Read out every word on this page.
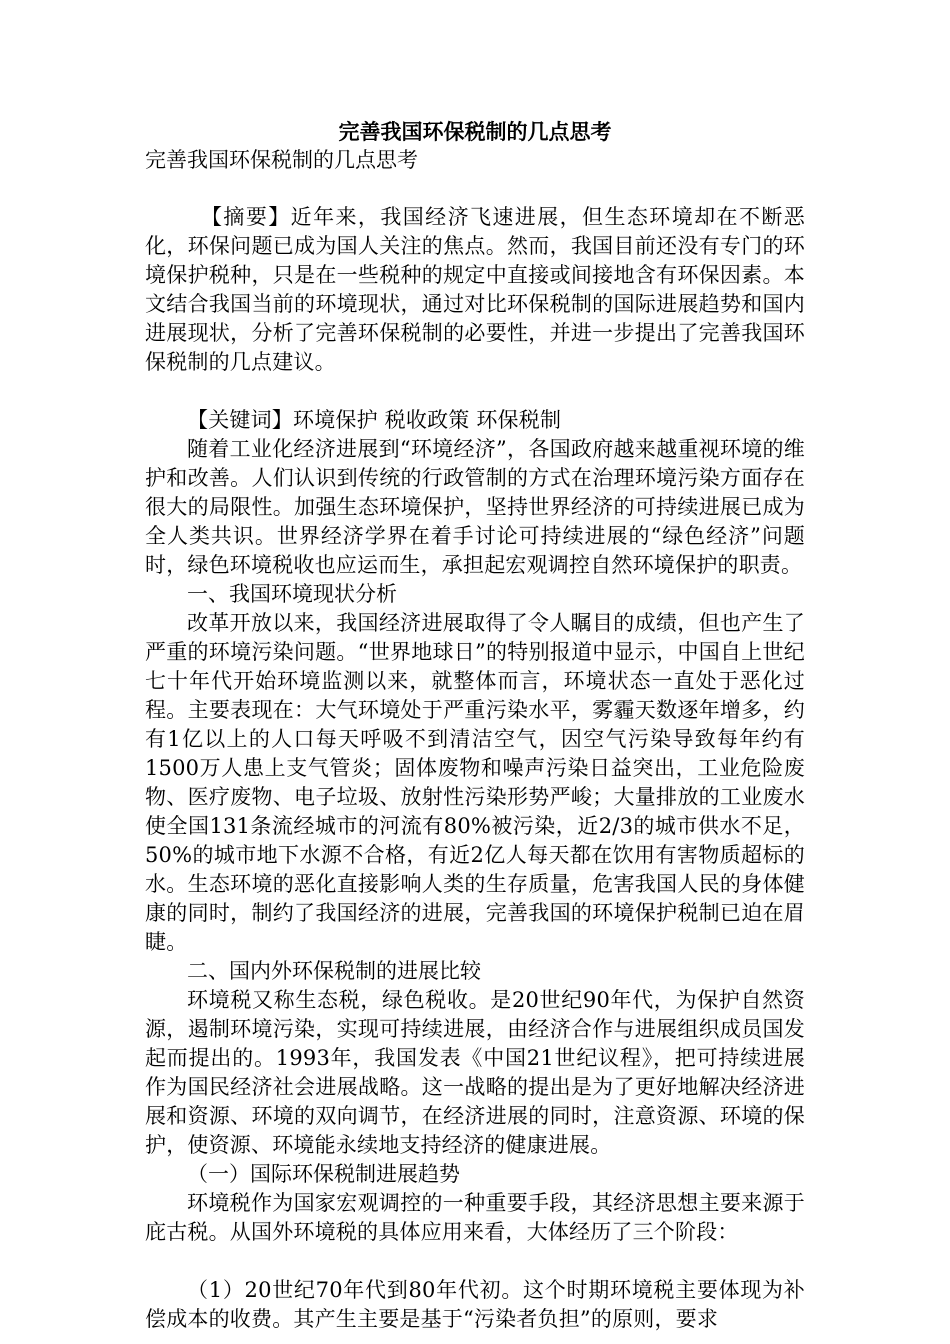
完善我国环保税制的几点思考

完善我国环保税制的几点思考

【摘要】近年来，我国经济飞速进展，但生态环境却在不断恶化，环保问题已成为国人关注的焦点。然而，我国目前还没有专门的环境保护税种，只是在一些税种的规定中直接或间接地含有环保因素。本文结合我国当前的环境现状，通过对比环保税制的国际进展趋势和国内进展现状，分析了完善环保税制的必要性，并进一步提出了完善我国环保税制的几点建议。

【关键词】环境保护 税收政策 环保税制

随着工业化经济进展到“环境经济”，各国政府越来越重视环境的维护和改善。人们认识到传统的行政管制的方式在治理环境污染方面存在很大的局限性。加强生态环境保护，坚持世界经济的可持续进展已成为全人类共识。世界经济学界在着手讨论可持续进展的“绿色经济”问题时，绿色环境税收也应运而生，承担起宏观调控自然环境保护的职责。

一、我国环境现状分析

改革开放以来，我国经济进展取得了令人瞩目的成绩，但也产生了严重的环境污染问题。“世界地球日”的特别报道中显示，中国自上世纪七十年代开始环境监测以来，就整体而言，环境状态一直处于恶化过程。主要表现在：大气环境处于严重污染水平，雾霾天数逐年增多，约有1亿以上的人口每天呼吸不到清洁空气，因空气污染导致每年约有1500万人患上支气管炎；固体废物和噪声污染日益突出，工业危险废物、医疗废物、电子垃圾、放射性污染形势严峻；大量排放的工业废水使全国131条流经城市的河流有80%被污染，近2/3的城市供水不足，50%的城市地下水源不合格，有近2亿人每天都在饮用有害物质超标的水。生态环境的恶化直接影响人类的生存质量，危害我国人民的身体健康的同时，制约了我国经济的进展，完善我国的环境保护税制已迫在眉睫。

二、国内外环保税制的进展比较

环境税又称生态税，绿色税收。是20世纪90年代，为保护自然资源，遏制环境污染，实现可持续进展，由经济合作与进展组织成员国发起而提出的。1993年，我国发表《中国21世纪议程》，把可持续进展作为国民经济社会进展战略。这一战略的提出是为了更好地解决经济进展和资源、环境的双向调节，在经济进展的同时，注意资源、环境的保护，使资源、环境能永续地支持经济的健康进展。

（一）国际环保税制进展趋势

环境税作为国家宏观调控的一种重要手段，其经济思想主要来源于庇古税。从国外环境税的具体应用来看，大体经历了三个阶段：

（1）20世纪70年代到80年代初。这个时期环境税主要体现为补偿成本的收费。其产生主要是基于“污染者负担”的原则，要求
